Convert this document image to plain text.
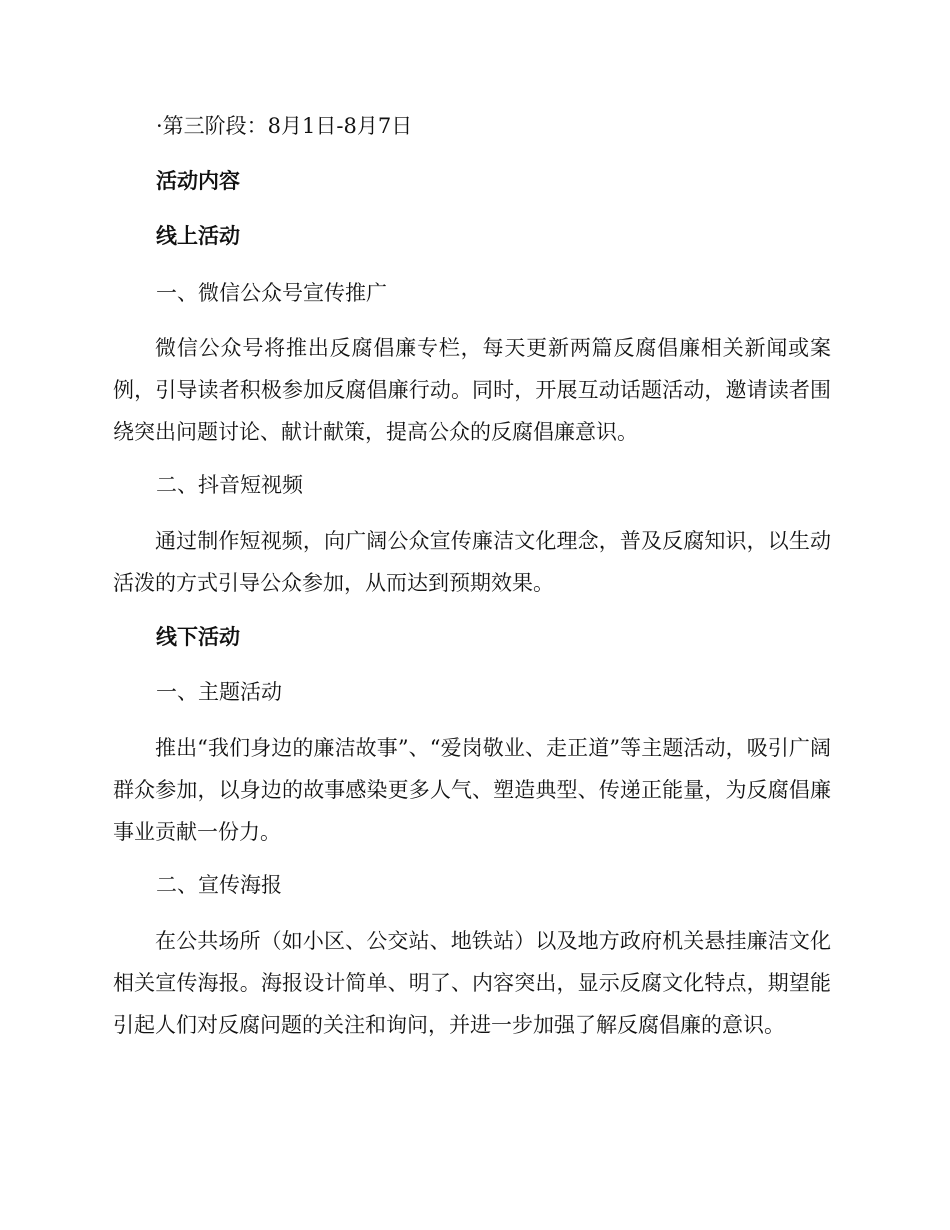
·第三阶段：8月1日-8月7日
活动内容
线上活动
一、微信公众号宣传推广
微信公众号将推出反腐倡廉专栏，每天更新两篇反腐倡廉相关新闻或案例，引导读者积极参加反腐倡廉行动。同时，开展互动话题活动，邀请读者围绕突出问题讨论、献计献策，提高公众的反腐倡廉意识。
二、抖音短视频
通过制作短视频，向广阔公众宣传廉洁文化理念，普及反腐知识，以生动活泼的方式引导公众参加，从而达到预期效果。
线下活动
一、主题活动
推出“我们身边的廉洁故事”、“爱岗敬业、走正道”等主题活动，吸引广阔群众参加，以身边的故事感染更多人气、塑造典型、传递正能量，为反腐倡廉事业贡献一份力。
二、宣传海报
在公共场所（如小区、公交站、地铁站）以及地方政府机关悬挂廉洁文化相关宣传海报。海报设计简单、明了、内容突出，显示反腐文化特点，期望能引起人们对反腐问题的关注和询问，并进一步加强了解反腐倡廉的意识。
